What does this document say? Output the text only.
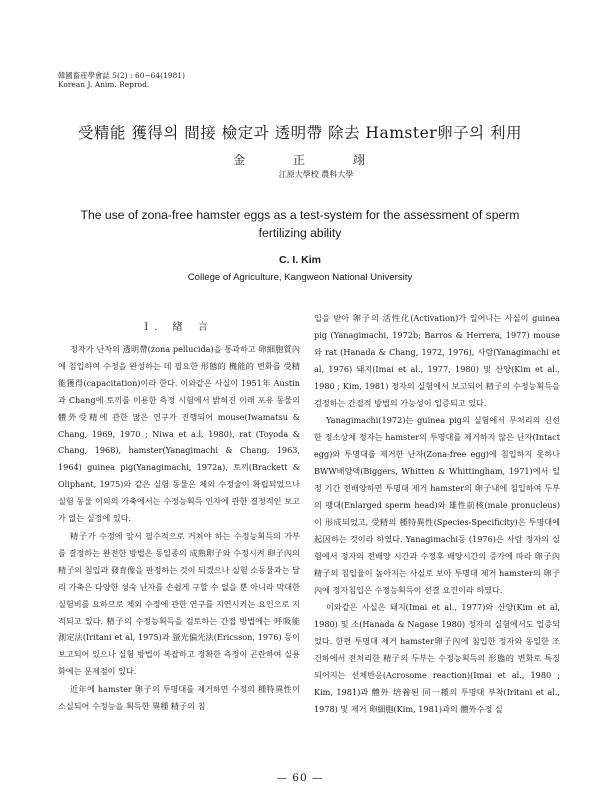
韓國畜産學會誌 5(2) : 60~64(1981)
Korean J. Anim. Reprod.
受精能 獲得의 間接 檢定과 透明帶 除去 Hamster卵子의 利用
金 正 翊
江原大學校 農科大學
The use of zona-free hamster eggs as a test-system for the assessment of sperm fertilizing ability
C. I. Kim
College of Agriculture, Kangweon National University
Ⅰ. 緖 言

정자가 난자의 透明帶(zona pellucida)을 통과하고 卵細胞質內에 침입하여 수정을 완성하는 데 필요한 形態的 機能的 변화를 受精能獲得(capacitation)이라 한다. 이와같은 사실이 1951年 Austin과 Chang에 토끼를 이용한 측정 시험에서 밝혀진 이래 포유 동물의 體外受精에 관한 많은 연구가 진행되어 mouse(Iwamatsu & Chang, 1969, 1970 ; Niwa et a.l, 1980), rat (Toyoda & Chang, 1968), hamster(Yanagimachi & Chang, 1963, 1964) guinea pig(Yanagimachi, 1972a), 토끼(Brackett & Oliphant, 1975)와 같은 실험 동물은 체외 수정술이 확립되었으나 실험 동물 이외의 가축에서는 수정능획득 인자에 관한 결정적인 보고가 없는 실정에 있다.

精子가 수정에 앞서 필수적으로 거쳐야 하는 수정능획득의 가부를 결정하는 완전한 방법은 동일종의 成熟卵子와 수정시켜 卵子內의 精子의 침입과 發育像을 판정하는 것이 되겠으나 실험 소동물과는 달리 가축은 다양한 성숙 난자를 손쉽게 구할 수 없을 뿐 아니라 막대한 실험비를 요하므로 체외 수정에 관한 연구를 지연시키는 요인으로 지적되고 있다. 精子의 수정능획득을 검토하는 간접 방법에는 呼吸能測定法(Iritani et al, 1975)과 螢光偏光法(Ericsson, 1976) 등이 보고되어 있으나 실험 방법이 복잡하고 정확한 측정이 곤란하여 실용화에는 문제점이 있다.

近年에 hamster 卵子의 투명대를 제거하면 수정의 種特異性이 소실되어 수정능을 획득한 異種 精子의 침

입을 받아 卵子의 活性化(Activation)가 일어나는 사실이 guinea pig (Yanagimachi, 1972b; Barros & Herrera, 1977) mouse와 rat (Hanada & Chang, 1972, 1976), 사람(Yanagimachi et al, 1976) 돼지(Imai et al., 1977, 1980) 및 산양(Kim et al., 1980 ; Kim, 1981) 정자의 실험에서 보고되어 精子의 수정능획득을 검정하는 간접적 방법의 가능성이 입증되고 있다.

Yanagimachi(1972)는 guinea pig의 실험에서 무처리의 신선한 정소상체 정자는 hamster의 투명대를 제거하지 않은 난자(Intact egg)와 투명대를 제거한 난자(Zona-free egg)에 침입하지 못하나 BWW배양액(Biggers, Whitten & Whittingham, 1971)에서 일정 기간 전배양하면 투명대 제거 hamster의 卵子내에 침입하여 두부의 팽대(Enlarged sperm head)와 雄性前核(male pronucleus)이 形成되었고, 受精의 種特異性(Species-Specificity)은 투명대에 起因하는 것이라 하였다. Yanagimachi등 (1976)은 사람 정자의 실험에서 정자의 전배양 시간과 수정후 배양시간의 증가에 따라 卵子內 精子의 침입율이 높아지는 사실로 보아 투명대 제거 hamster의 卵子內에 정자침입은 수정능획득이 선결 요건이라 하였다.

이와같은 사실은 돼지(Imai et al., 1977)와 산양(Kim et al, 1980) 및 소(Hanada & Nagase 1980) 정자의 실험에서도 입증되었다. 한편 투명대 제거 hamster卵子內에 침입한 정자와 동일한 조건하에서 전처리한 精子의 두부는 수정능획득의 形態的 변화로 특징되어지는 선체반응(Acrosome reaction)(Imai et al., 1980 ; Kim, 1981)과 體外 培養된 同一種의 투명대 부착(Iritani et al., 1978) 및 제거 卵細胞(Kim, 1981)과의 體外수정 실

— 60 —
